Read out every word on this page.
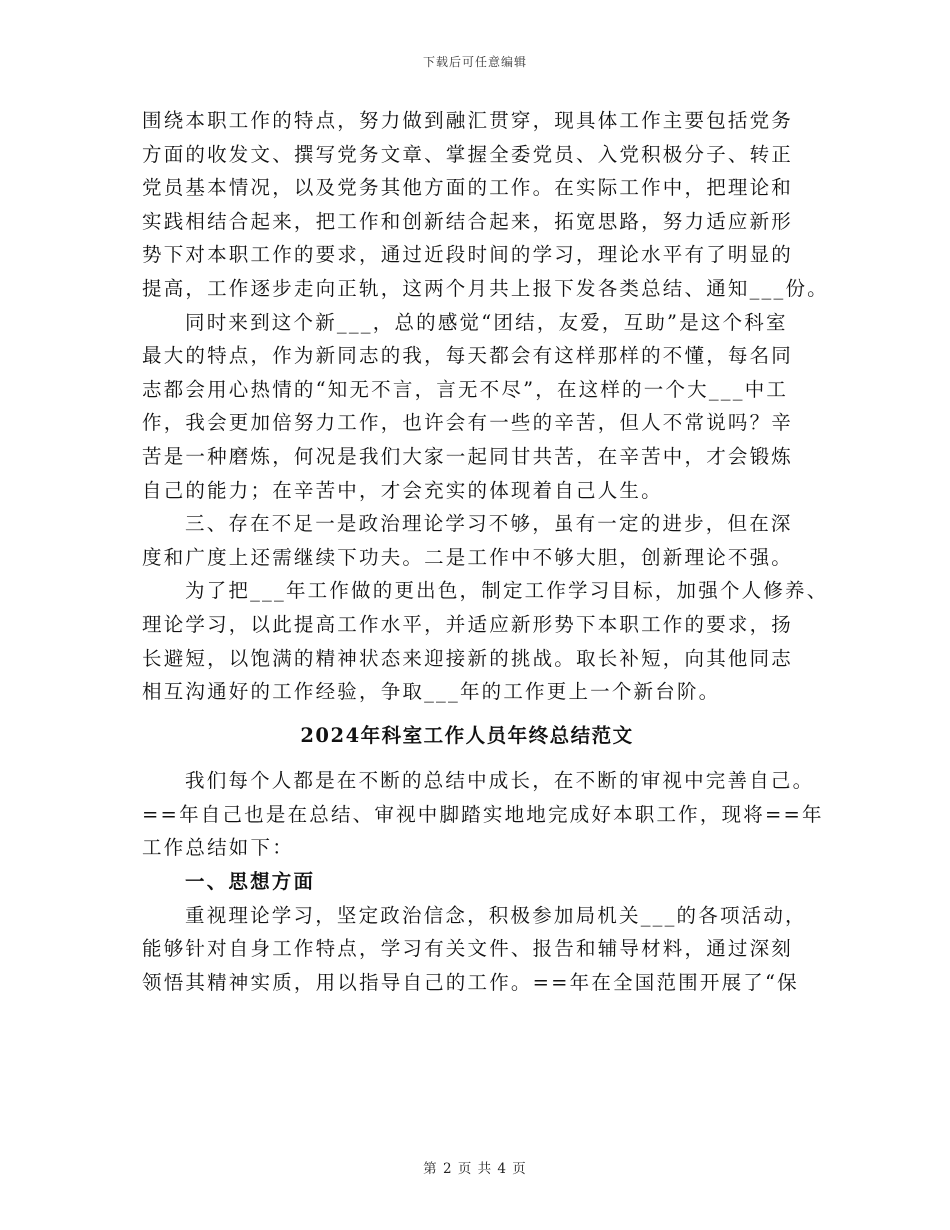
下载后可任意编辑
围绕本职工作的特点，努力做到融汇贯穿，现具体工作主要包括党务
方面的收发文、撰写党务文章、掌握全委党员、入党积极分子、转正
党员基本情况，以及党务其他方面的工作。在实际工作中，把理论和
实践相结合起来，把工作和创新结合起来，拓宽思路，努力适应新形
势下对本职工作的要求，通过近段时间的学习，理论水平有了明显的
提高，工作逐步走向正轨，这两个月共上报下发各类总结、通知___份。
同时来到这个新___，总的感觉“团结，友爱，互助”是这个科室
最大的特点，作为新同志的我，每天都会有这样那样的不懂，每名同
志都会用心热情的“知无不言，言无不尽”，在这样的一个大___中工
作，我会更加倍努力工作，也许会有一些的辛苦，但人不常说吗？辛
苦是一种磨炼，何况是我们大家一起同甘共苦，在辛苦中，才会锻炼
自己的能力；在辛苦中，才会充实的体现着自己人生。
三、存在不足一是政治理论学习不够，虽有一定的进步，但在深
度和广度上还需继续下功夫。二是工作中不够大胆，创新理论不强。
为了把___年工作做的更出色，制定工作学习目标，加强个人修养、
理论学习，以此提高工作水平，并适应新形势下本职工作的要求，扬
长避短，以饱满的精神状态来迎接新的挑战。取长补短，向其他同志
相互沟通好的工作经验，争取___年的工作更上一个新台阶。
2024年科室工作人员年终总结范文
我们每个人都是在不断的总结中成长，在不断的审视中完善自己。
==年自己也是在总结、审视中脚踏实地地完成好本职工作，现将==年
工作总结如下：
一、思想方面
重视理论学习，坚定政治信念，积极参加局机关___的各项活动，
能够针对自身工作特点，学习有关文件、报告和辅导材料，通过深刻
领悟其精神实质，用以指导自己的工作。==年在全国范围开展了“保
第 2 页 共 4 页
